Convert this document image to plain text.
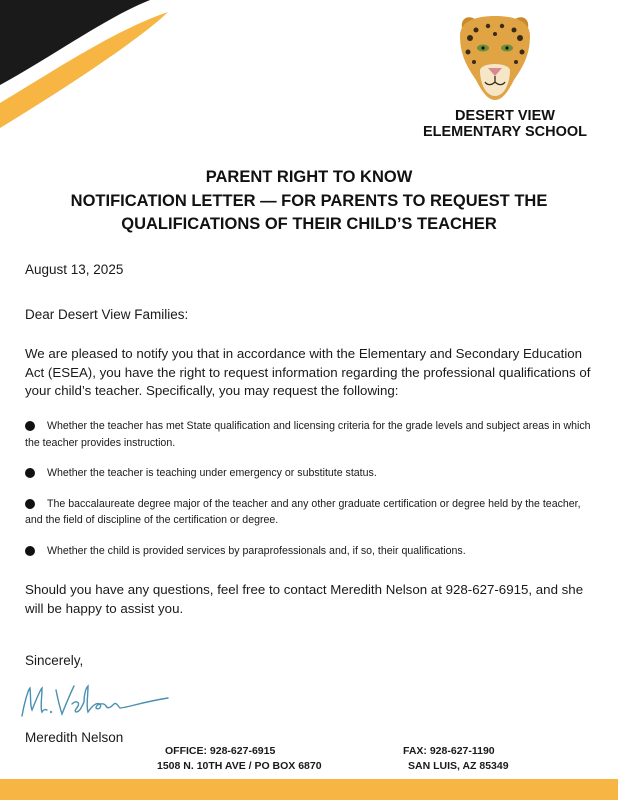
DESERT VIEW
ELEMENTARY SCHOOL
PARENT RIGHT TO KNOW
NOTIFICATION LETTER — FOR PARENTS TO REQUEST THE
QUALIFICATIONS OF THEIR CHILD’S TEACHER
August 13, 2025
Dear Desert View Families:
We are pleased to notify you that in accordance with the Elementary and Secondary Education Act (ESEA), you have the right to request information regarding the professional qualifications of your child’s teacher. Specifically, you may request the following:
Whether the teacher has met State qualification and licensing criteria for the grade levels and subject areas in which the teacher provides instruction.
Whether the teacher is teaching under emergency or substitute status.
The baccalaureate degree major of the teacher and any other graduate certification or degree held by the teacher, and the field of discipline of the certification or degree.
Whether the child is provided services by paraprofessionals and, if so, their qualifications.
Should you have any questions, feel free to contact Meredith Nelson at 928-627-6915, and she will be happy to assist you.
Sincerely,
Meredith Nelson
OFFICE: 928-627-6915	FAX: 928-627-1190
1508 N. 10TH AVE / PO BOX 6870	SAN LUIS, AZ 85349
